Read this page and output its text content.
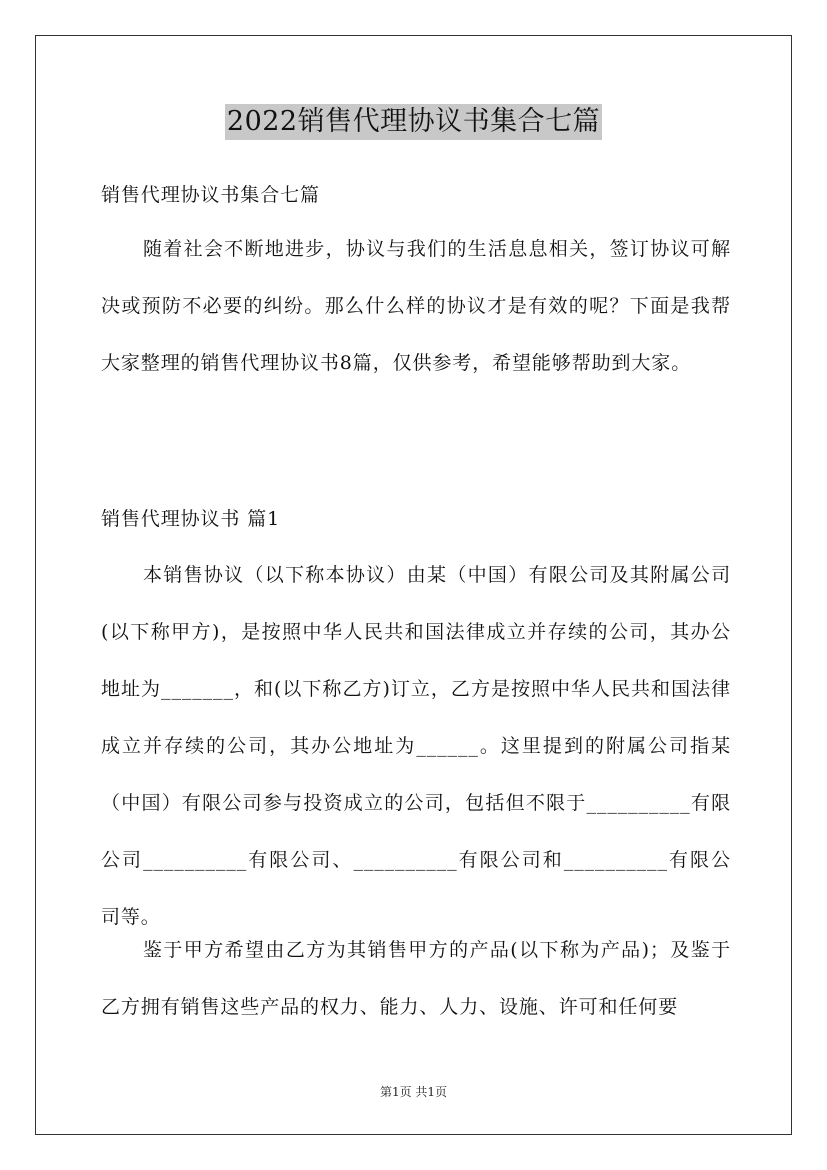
2022销售代理协议书集合七篇
销售代理协议书集合七篇
随着社会不断地进步，协议与我们的生活息息相关，签订协议可解决或预防不必要的纠纷。那么什么样的协议才是有效的呢？下面是我帮大家整理的销售代理协议书8篇，仅供参考，希望能够帮助到大家。
销售代理协议书 篇1
本销售协议（以下称本协议）由某（中国）有限公司及其附属公司(以下称甲方)，是按照中华人民共和国法律成立并存续的公司，其办公地址为_______，和(以下称乙方)订立，乙方是按照中华人民共和国法律成立并存续的公司，其办公地址为______。这里提到的附属公司指某（中国）有限公司参与投资成立的公司，包括但不限于__________有限公司__________有限公司、__________有限公司和__________有限公司等。
鉴于甲方希望由乙方为其销售甲方的产品(以下称为产品)；及鉴于乙方拥有销售这些产品的权力、能力、人力、设施、许可和任何要
第1页 共1页
